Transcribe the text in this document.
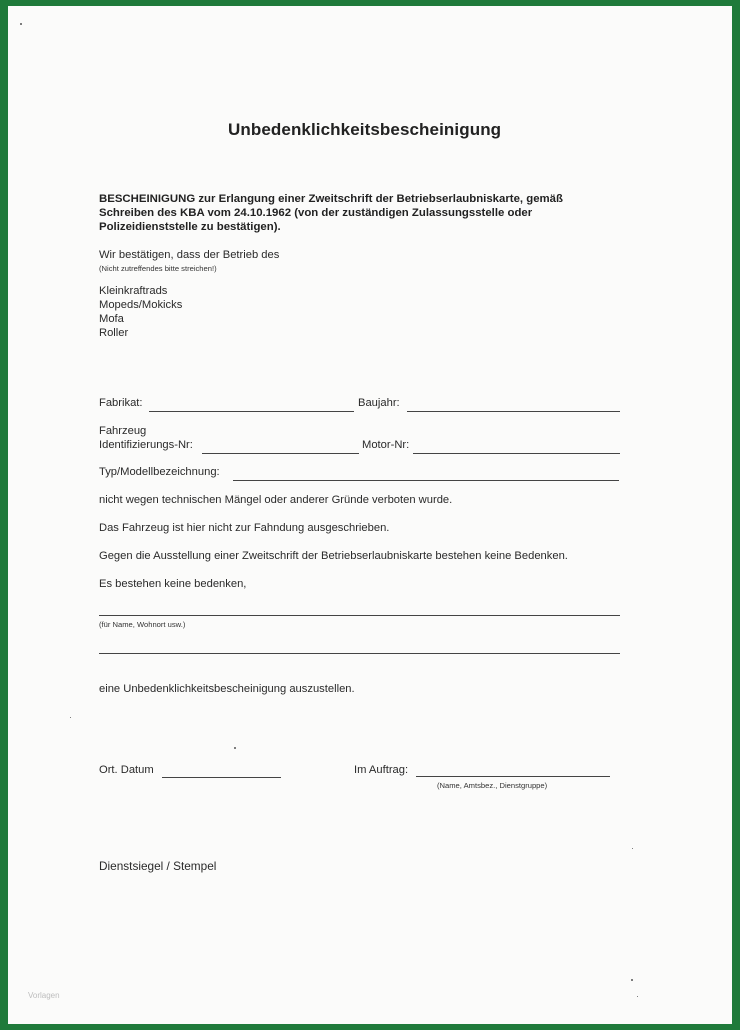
Unbedenklichkeitsbescheinigung
BESCHEINIGUNG zur Erlangung einer Zweitschrift der Betriebserlaubniskarte, gemäß
Schreiben des KBA vom 24.10.1962 (von der zuständigen Zulassungsstelle oder
Polizeidienststelle zu bestätigen).
Wir bestätigen, dass der Betrieb des
(Nicht zutreffendes bitte streichen!)
Kleinkraftrads
Mopeds/Mokicks
Mofa
Roller
Fabrikat:	Baujahr:
Fahrzeug
Identifizierungs-Nr:	Motor-Nr:
Typ/Modellbezeichnung:
nicht wegen technischen Mängel oder anderer Gründe verboten wurde.
Das Fahrzeug ist hier nicht zur Fahndung ausgeschrieben.
Gegen die Ausstellung einer Zweitschrift der Betriebserlaubniskarte bestehen keine Bedenken.
Es bestehen keine bedenken,
(für Name, Wohnort usw.)
eine Unbedenklichkeitsbescheinigung auszustellen.
Ort. Datum	Im Auftrag:
(Name, Amtsbez., Dienstgruppe)
Dienstsiegel / Stempel
Vorlagen
